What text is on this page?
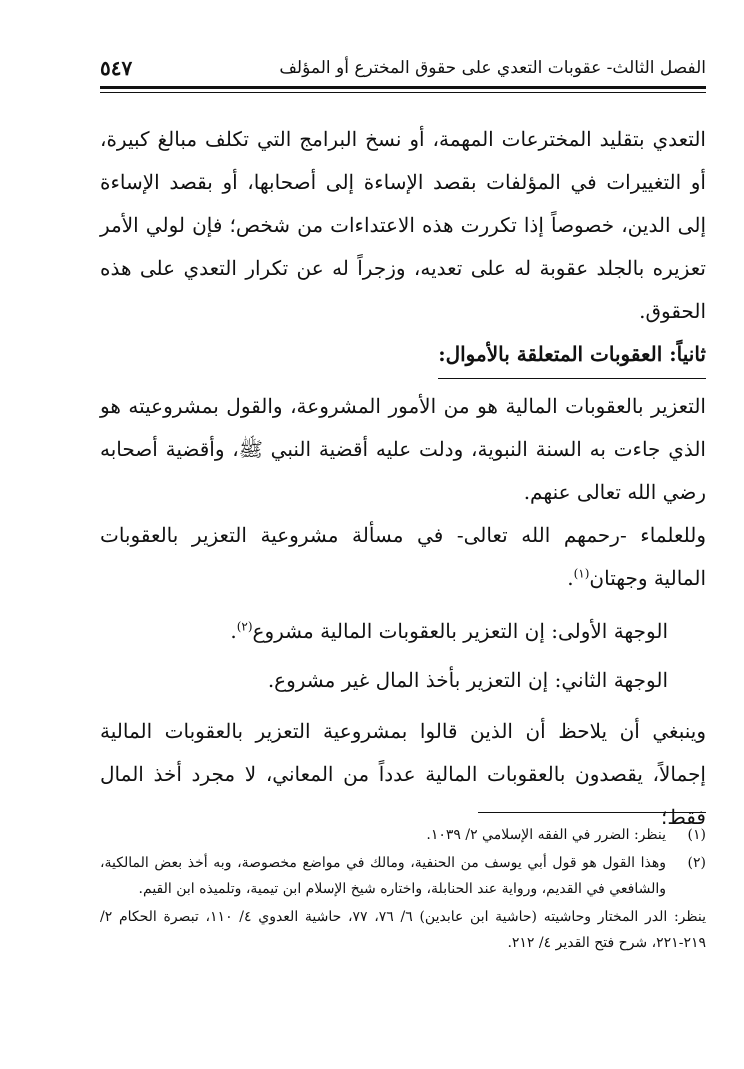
الفصل الثالث- عقوبات التعدي على حقوق المخترع أو المؤلف
٥٤٧

التعدي بتقليد المخترعات المهمة، أو نسخ البرامج التي تكلف مبالغ كبيرة، أو التغييرات في المؤلفات بقصد الإساءة إلى أصحابها، أو بقصد الإساءة إلى الدين، خصوصاً إذا تكررت هذه الاعتداءات من شخص؛ فإن لولي الأمر تعزيره بالجلد عقوبة له على تعديه، وزجراً له عن تكرار التعدي على هذه الحقوق.

ثانياً: العقوبات المتعلقة بالأموال:

التعزير بالعقوبات المالية هو من الأمور المشروعة، والقول بمشروعيته هو الذي جاءت به السنة النبوية، ودلت عليه أقضية النبي ﷺ، وأقضية أصحابه رضي الله تعالى عنهم.

وللعلماء -رحمهم الله تعالى- في مسألة مشروعية التعزير بالعقوبات المالية وجهتان$^{(١)}$.

الوجهة الأولى: إن التعزير بالعقوبات المالية مشروع$^{(٢)}$.

الوجهة الثاني: إن التعزير بأخذ المال غير مشروع.

وينبغي أن يلاحظ أن الذين قالوا بمشروعية التعزير بالعقوبات المالية إجمالاً، يقصدون بالعقوبات المالية عدداً من المعاني، لا مجرد أخذ المال فقط؛

(١)
ينظر: الضرر في الفقه الإسلامي ٢/ ١٠٣٩.
(٢)
وهذا القول هو قول أبي يوسف من الحنفية، ومالك في مواضع مخصوصة، وبه أخذ بعض المالكية، والشافعي في القديم، ورواية عند الحنابلة، واختاره شيخ الإسلام ابن تيمية، وتلميذه ابن القيم.

ينظر: الدر المختار وحاشيته (حاشية ابن عابدين) ٦/ ٧٦، ٧٧، حاشية العدوي ٤/ ١١٠، تبصرة الحكام ٢/ ٢١٩-٢٢١، شرح فتح القدير ٤/ ٢١٢.
